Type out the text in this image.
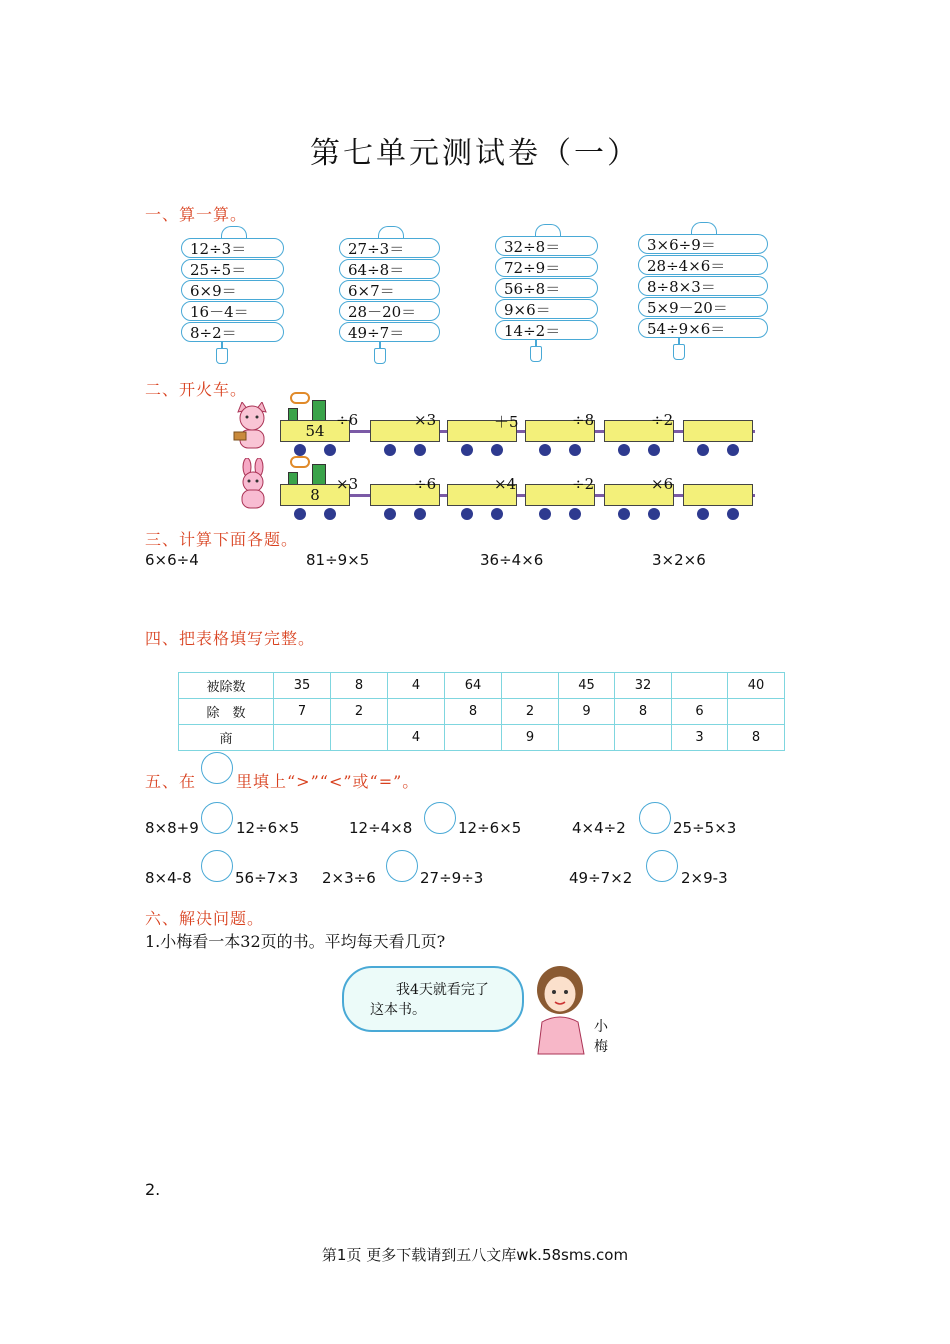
第七单元测试卷（一）
一、算一算。
12÷3＝
25÷5＝
6×9＝
16－4＝
8÷2＝
27÷3＝
64÷8＝
6×7＝
28－20＝
49÷7＝
32÷8＝
72÷9＝
56÷8＝
9×6＝
14÷2＝
3×6÷9＝
28÷4×6＝
8÷8×3＝
5×9－20＝
54÷9×6＝
二、开火车。
54
÷6	×3	＋5	÷8	÷2
8
×3	÷6	×4	÷2	×6
三、计算下面各题。
6×6÷4	81÷9×5	36÷4×6	3×2×6
四、把表格填写完整。
被除数	35	8	4	64		45	32		40
除　数	7	2		8	2	9	8	6	
商			4		9			3	8
五、在 里填上“>”“<”或“=”。
8×8+9 12÷6×5	12÷4×8	12÷6×5	4×4÷2	25÷5×3
8×4-8	56÷7×3 2×3÷6	27÷9÷3	49÷7×2	2×9-3
六、解决问题。
1.小梅看一本32页的书。平均每天看几页?
我4天就看完了
这本书。
小
梅
2.
第1页 更多下载请到五八文库wk.58sms.com
